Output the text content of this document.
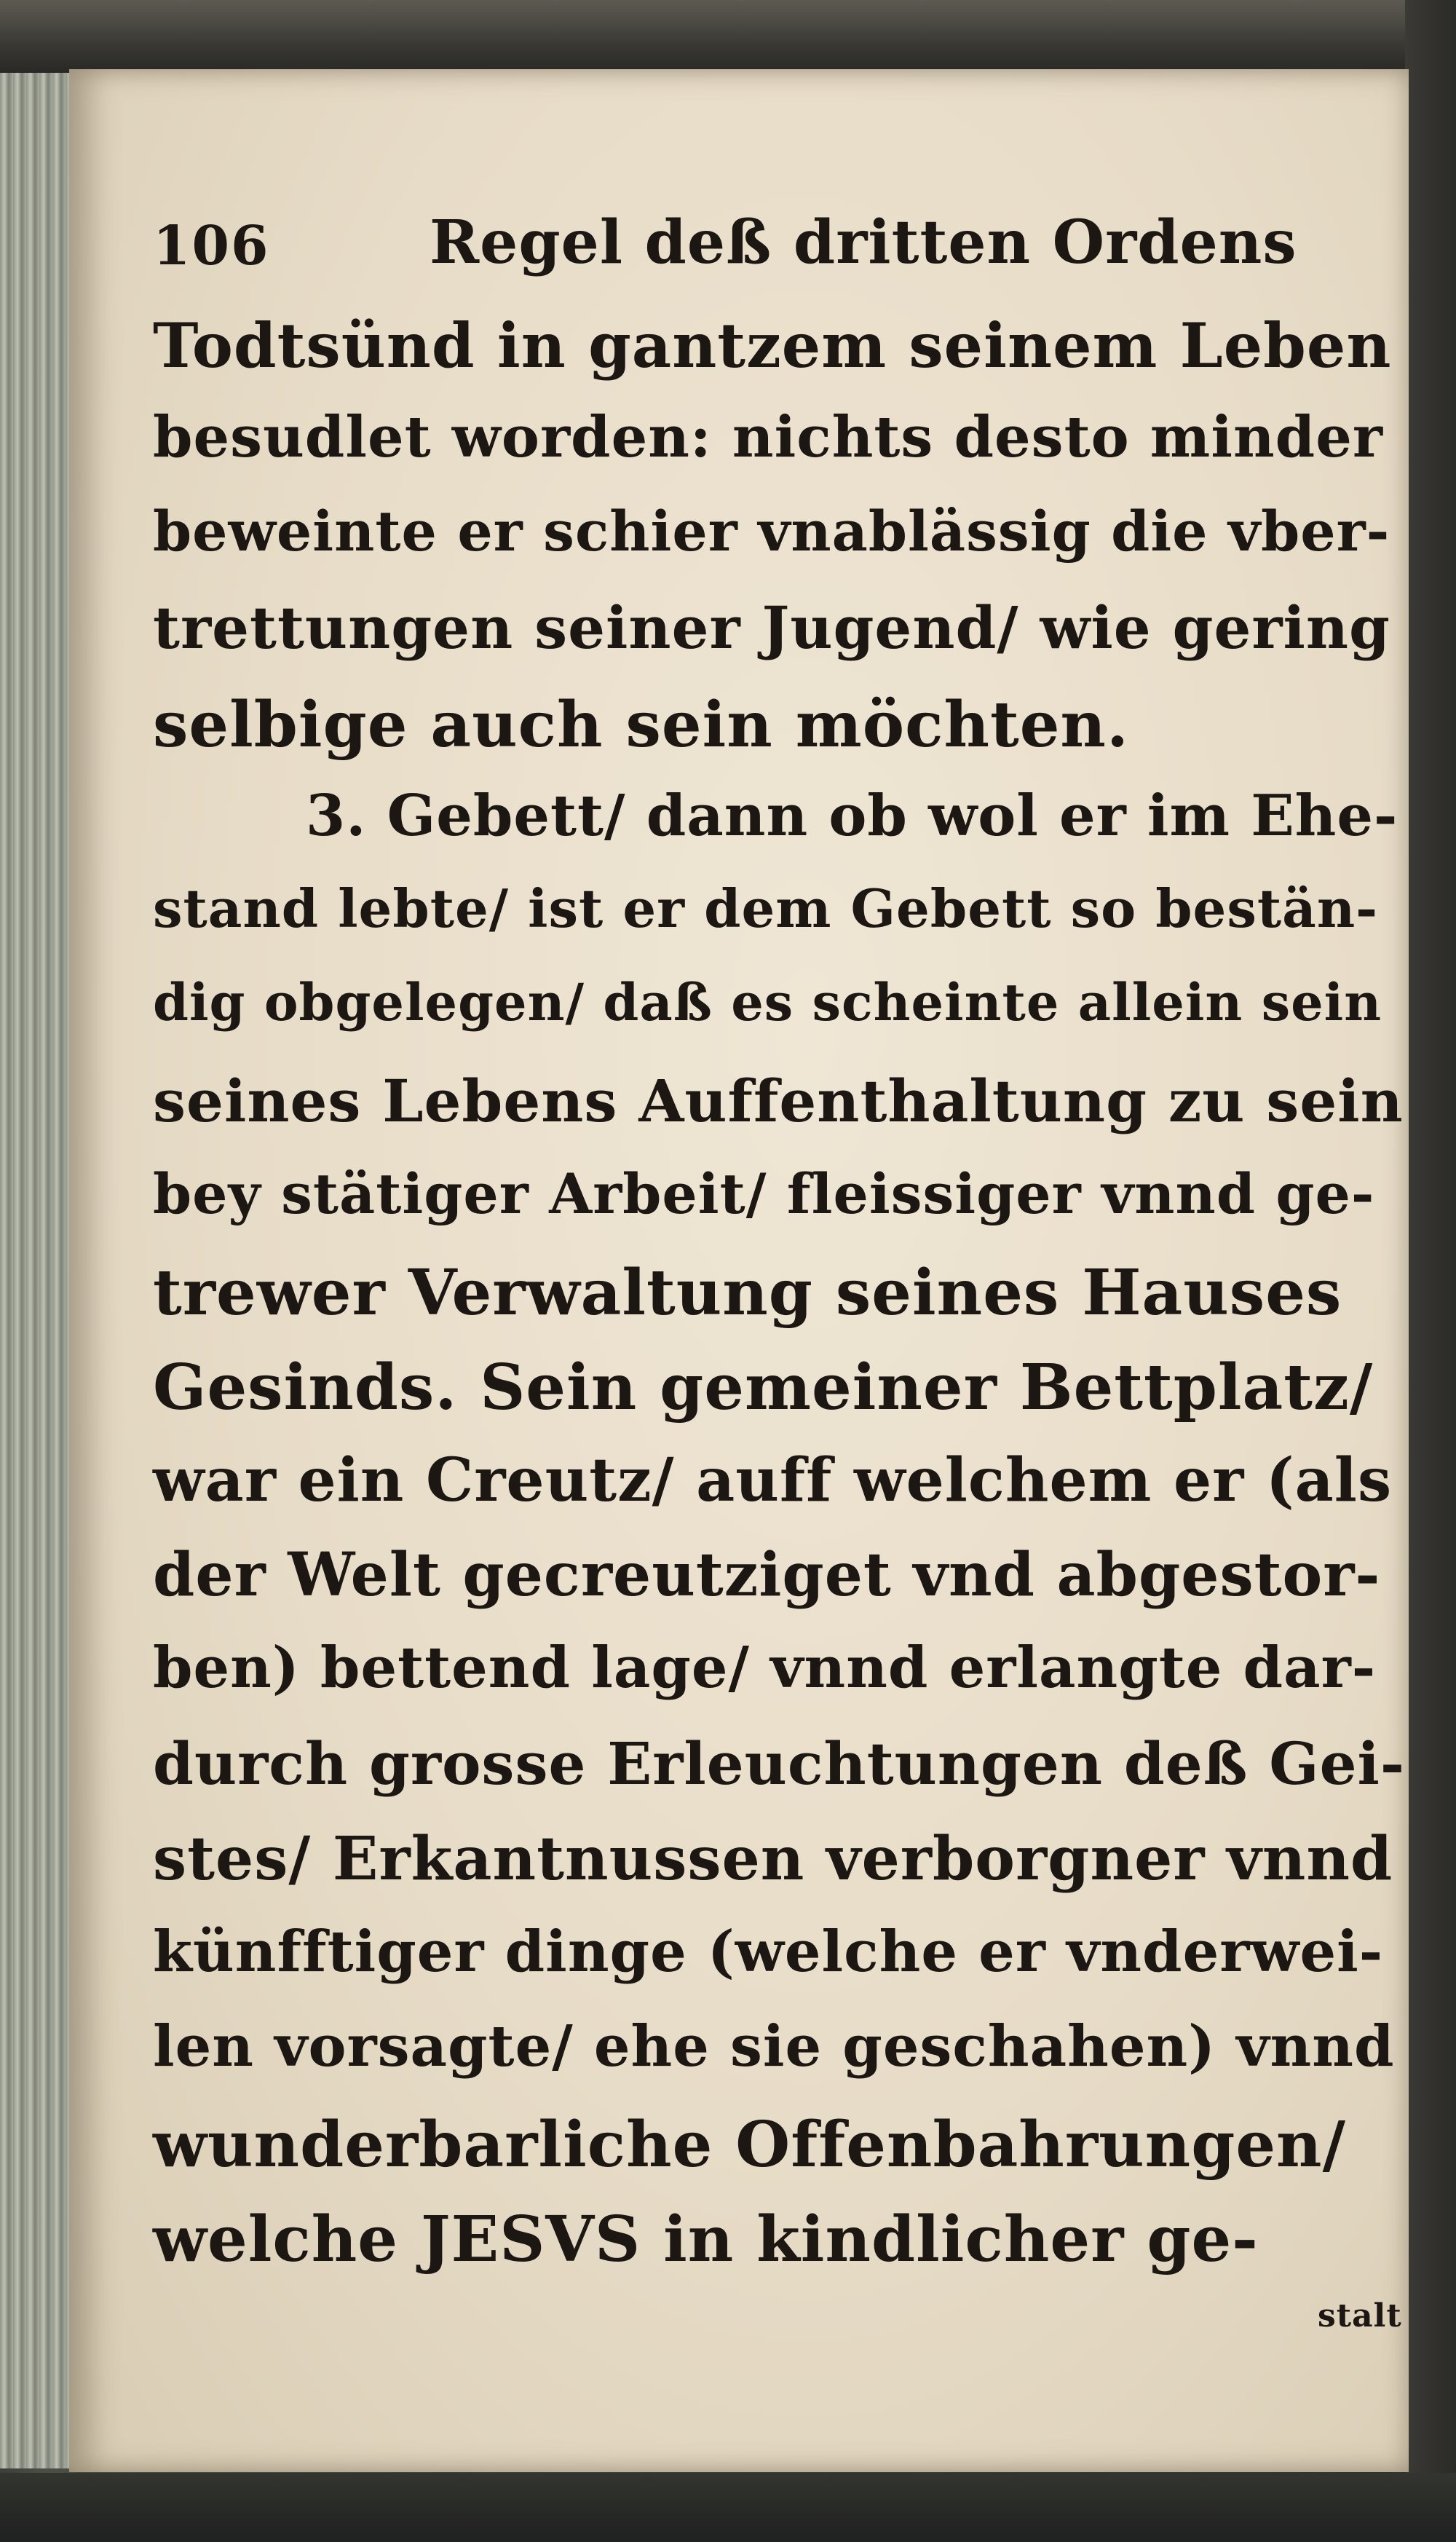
106	Regel deß dritten Ordens
Todtsünd in gantzem seinem Leben
besudlet worden: nichts desto minder
beweinte er schier vnablässig die vber-
trettungen seiner Jugend/ wie gering
selbige auch sein möchten.
3. Gebett/ dann ob wol er im Ehe-
stand lebte/ ist er dem Gebett so bestän-
dig obgelegen/ daß es scheinte allein sein
seines Lebens Auffenthaltung zu sein
bey stätiger Arbeit/ fleissiger vnnd ge-
trewer Verwaltung seines Hauses
Gesinds. Sein gemeiner Bettplatz/
war ein Creutz/ auff welchem er (als
der Welt gecreutziget vnd abgestor-
ben) bettend lage/ vnnd erlangte dar-
durch grosse Erleuchtungen deß Gei-
stes/ Erkantnussen verborgner vnnd
künfftiger dinge (welche er vnderwei-
len vorsagte/ ehe sie geschahen) vnnd
wunderbarliche Offenbahrungen/
welche JESVS in kindlicher ge-
stalt
